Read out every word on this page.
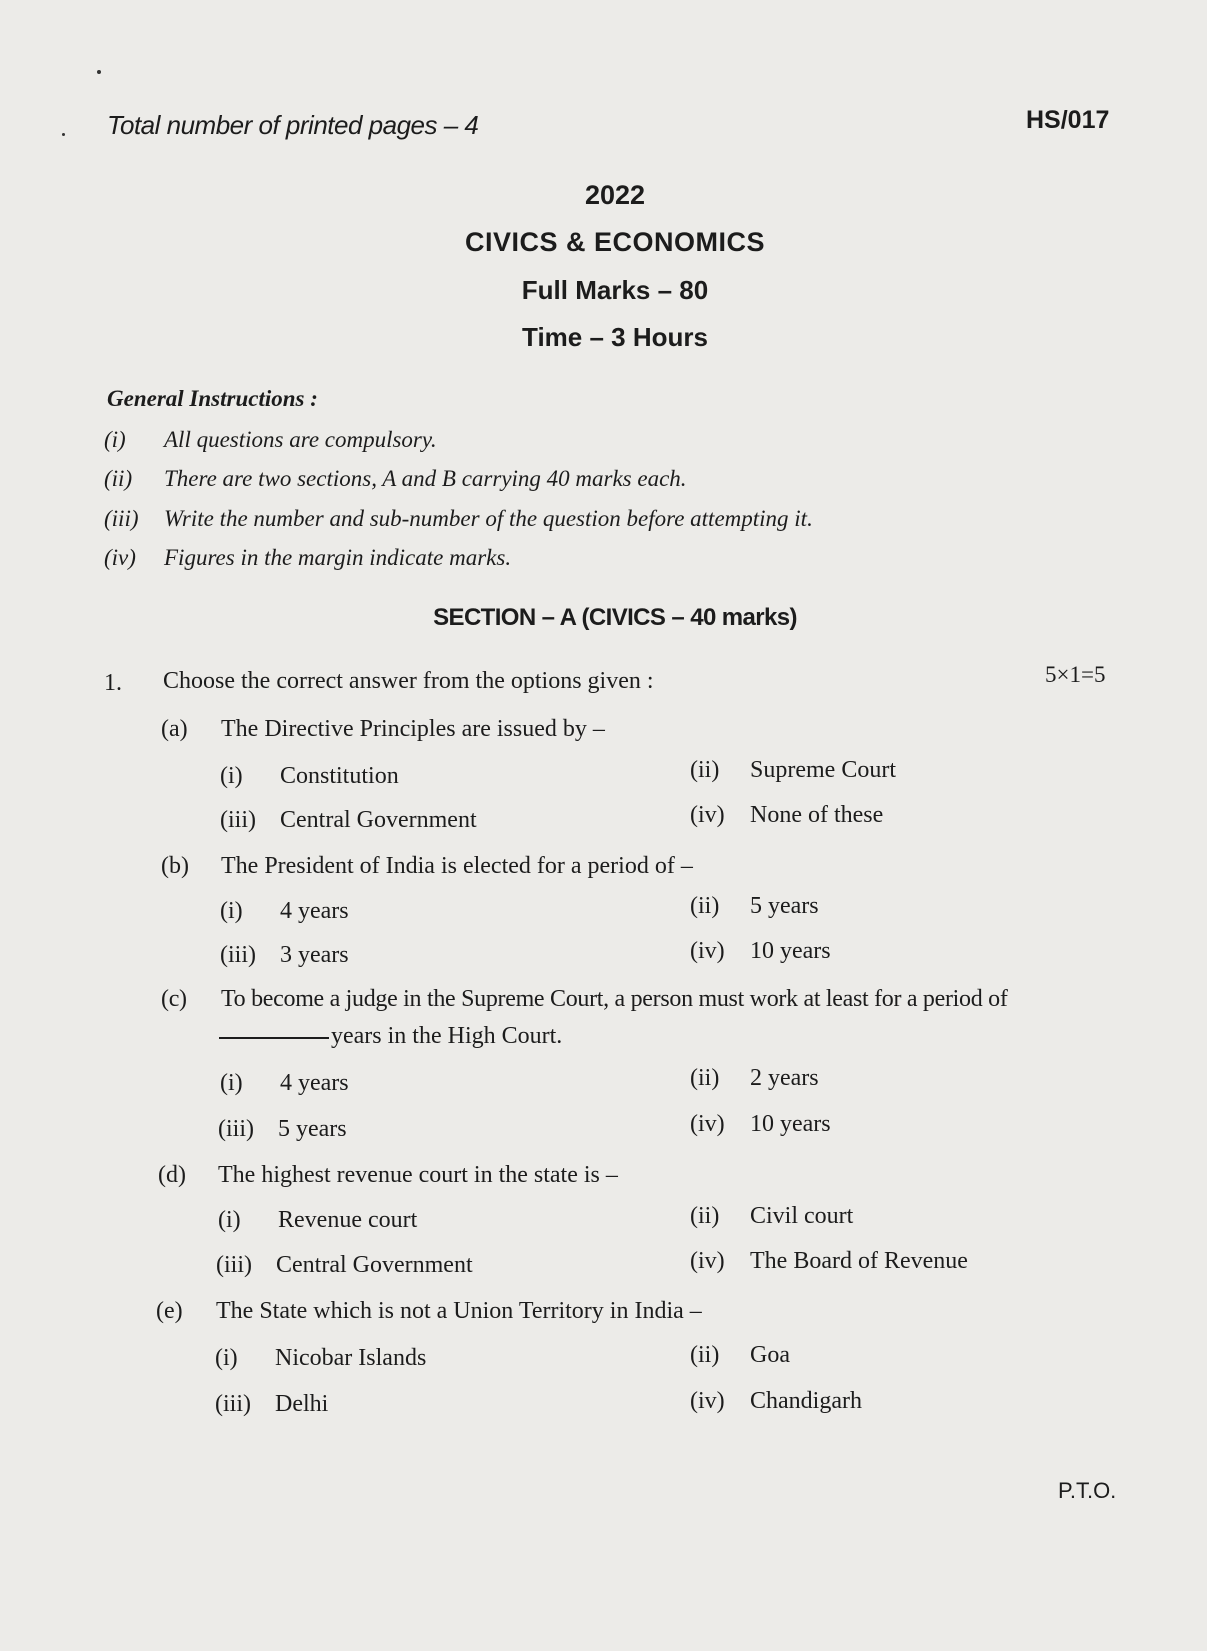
Total number of printed pages – 4	HS/017
2022
CIVICS & ECONOMICS
Full Marks – 80
Time – 3 Hours
General Instructions :
(i) All questions are compulsory.
(ii) There are two sections, A and B carrying 40 marks each.
(iii) Write the number and sub-number of the question before attempting it.
(iv) Figures in the margin indicate marks.
SECTION – A (CIVICS – 40 marks)
1. Choose the correct answer from the options given :	5×1=5
(a) The Directive Principles are issued by –
(i) Constitution	(ii) Supreme Court
(iii) Central Government	(iv) None of these
(b) The President of India is elected for a period of –
(i) 4 years	(ii) 5 years
(iii) 3 years	(iv) 10 years
(c) To become a judge in the Supreme Court, a person must work at least for a period of
years in the High Court.
(i) 4 years	(ii) 2 years
(iii) 5 years	(iv) 10 years
(d) The highest revenue court in the state is –
(i) Revenue court	(ii) Civil court
(iii) Central Government	(iv) The Board of Revenue
(e) The State which is not a Union Territory in India –
(i) Nicobar Islands	(ii) Goa
(iii) Delhi	(iv) Chandigarh
P.T.O.
